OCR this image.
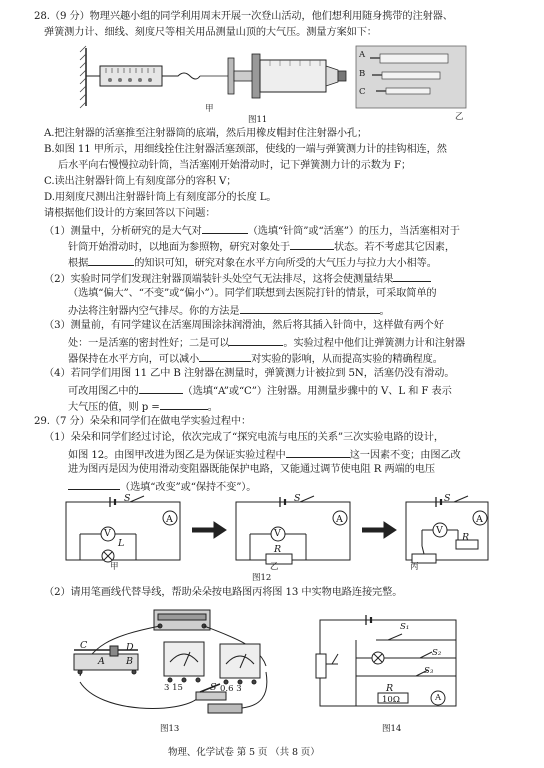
28.（9 分）物理兴趣小组的同学利用周末开展一次登山活动，他们想利用随身携带的注射器、
弹簧测力计、细线、刻度尺等相关用品测量山顶的大气压。测量方案如下：
甲
乙
图11
A
B
C
A.把注射器的活塞推至注射器筒的底端，然后用橡皮帽封住注射器小孔；
B.如图 11 甲所示，用细线拴住注射器活塞颈部，使线的一端与弹簧测力计的挂钩相连，然
后水平向右慢慢拉动针筒，当活塞刚开始滑动时，记下弹簧测力计的示数为 F；
C.读出注射器针筒上有刻度部分的容积 V；
D.用刻度尺测出注射器针筒上有刻度部分的长度 L。
请根据他们设计的方案回答以下问题：
（1）测量中，分析研究的是大气对	（选填“针筒”或“活塞”）的压力，当活塞相对于
针筒开始滑动时，以地面为参照物，研究对象处于	状态。若不考虑其它因素，
根据	的知识可知，研究对象在水平方向所受的大气压力与拉力大小相等。
（2）实验时同学们发现注射器顶端装针头处空气无法排尽，这将会使测量结果
（选填“偏大”、“不变”或“偏小”）。同学们联想到去医院打针的情景，可采取简单的
办法将注射器内空气排尽。你的方法是	。
（3）测量前，有同学建议在活塞周围涂抹润滑油，然后将其插入针筒中，这样做有两个好
处：一是活塞的密封性好；二是可以	。实验过程中他们让弹簧测力计和注射器
器保持在水平方向，可以减小	对实验的影响，从而提高实验的精确程度。
（4）若同学们用图 11 乙中 B 注射器在测量时，弹簧测力计被拉到 5N，活塞仍没有滑动。
可改用图乙中的	（选填“A”或“C”）注射器。用测量步骤中的 V、L 和 F 表示
大气压的值，则 p =	。
29.（7 分）朵朵和同学们在做电学实验过程中：
（1）朵朵和同学们经过讨论，依次完成了“探究电流与电压的关系”三次实验电路的设计，
如图 12。由图甲改进为图乙是为保证实验过程中	这一因素不变；由图乙改
进为图丙是因为使用滑动变阻器既能保护电路，又能通过调节使电阻 R 两端的电压
（选填“改变”或“保持不变”）。
S
A
V
L
甲
S
A
V
R
乙
S
A
V
R
丙
图12
（2）请用笔画线代替导线，帮助朵朵按电路图丙将图 13 中实物电路连接完整。
A B
S
C	D
3 15	0.6 3
图13
S₁
S₂
S₃
R
10Ω	A
图14
物理、化学试卷 第 5 页 （共 8 页）
